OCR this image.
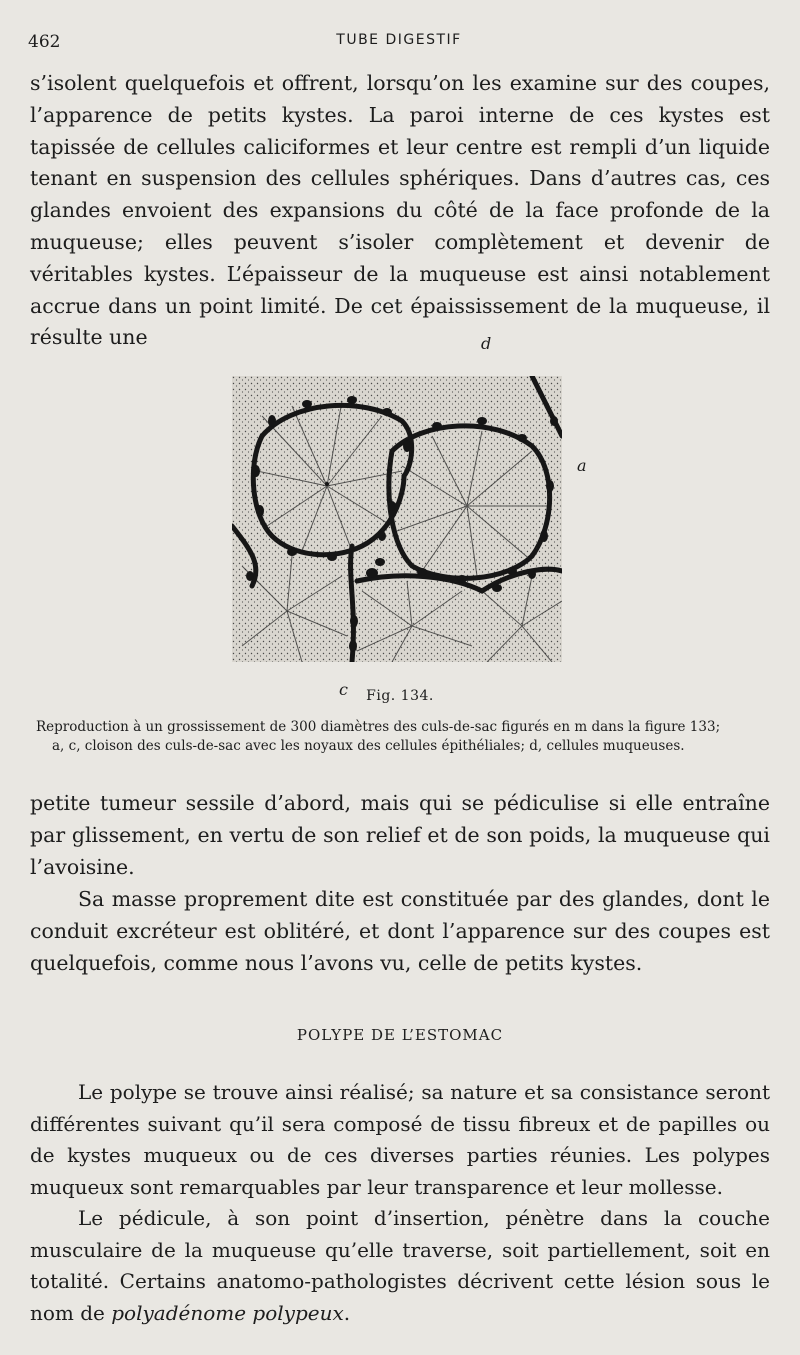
462	TUBE DIGESTIF

s’isolent quelquefois et offrent, lorsqu’on les examine sur des coupes, l’apparence de petits kystes. La paroi interne de ces kystes est tapissée de cellules caliciformes et leur centre est rempli d’un liquide tenant en suspension des cellules sphériques. Dans d’autres cas, ces glandes envoient des expansions du côté de la face profonde de la muqueuse; elles peuvent s’isoler complètement et devenir de véritables kystes. L’épaisseur de la muqueuse est ainsi notablement accrue dans un point limité. De cet épaississement de la muqueuse, il résulte une	d
a
c	Fig. 134.

Reproduction à un grossissement de 300 diamètres des culs-de-sac figurés en m dans la figure 133;
a, c, cloison des culs-de-sac avec les noyaux des cellules épithéliales; d, cellules muqueuses.

petite tumeur sessile d’abord, mais qui se pédiculise si elle entraîne par glissement, en vertu de son relief et de son poids, la muqueuse qui l’avoisine.

Sa masse proprement dite est constituée par des glandes, dont le conduit excréteur est oblitéré, et dont l’apparence sur des coupes est quelquefois, comme nous l’avons vu, celle de petits kystes.

POLYPE DE L’ESTOMAC

Le polype se trouve ainsi réalisé; sa nature et sa consistance seront différentes suivant qu’il sera composé de tissu fibreux et de papilles ou de kystes muqueux ou de ces diverses parties réunies. Les polypes muqueux sont remarquables par leur transparence et leur mollesse.

Le pédicule, à son point d’insertion, pénètre dans la couche musculaire de la muqueuse qu’elle traverse, soit partiellement, soit en totalité. Certains anatomo-pathologistes décrivent cette lésion sous le nom de polyadénome polypeux.
